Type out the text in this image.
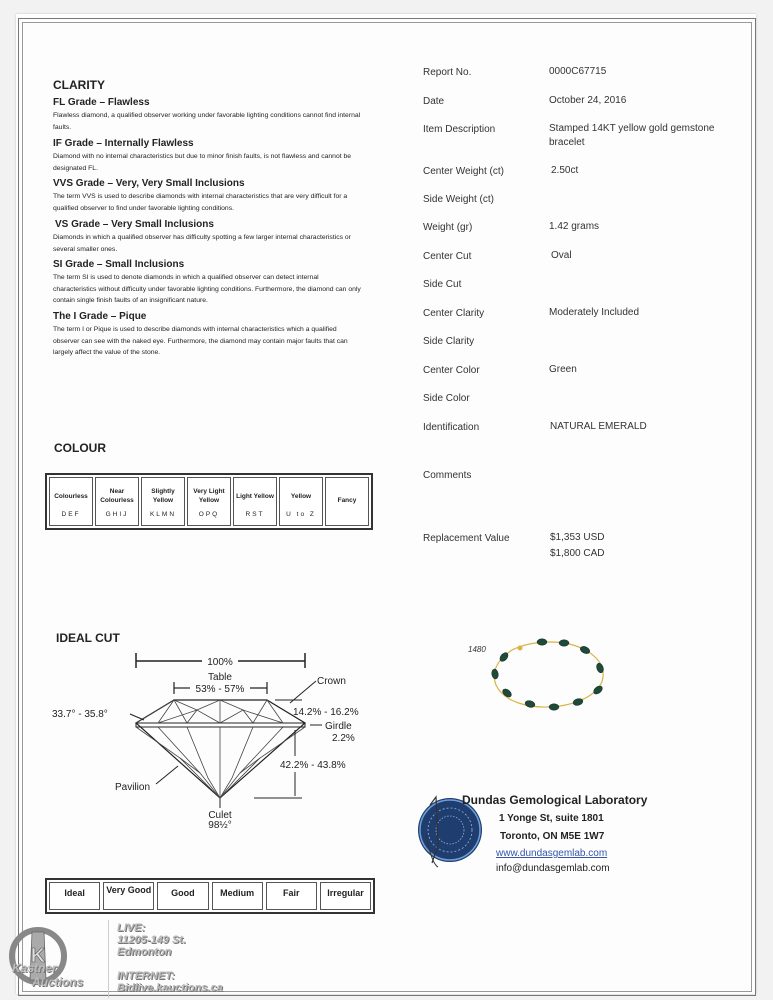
CLARITY
FL Grade – Flawless
Flawless diamond, a qualified observer working under favorable lighting conditions cannot find internal faults.
IF Grade – Internally Flawless
Diamond with no internal characteristics but due to minor finish faults, is not flawless and cannot be designated FL.
VVS Grade – Very, Very Small Inclusions
The term VVS is used to describe diamonds with internal characteristics that are very difficult for a qualified observer to find under favorable lighting conditions.
VS Grade – Very Small Inclusions
Diamonds in which a qualified observer has difficulty spotting a few larger internal characteristics or several smaller ones.
SI Grade – Small Inclusions
The term SI is used to denote diamonds in which a qualified observer can detect internal characteristics without difficulty under favorable lighting conditions. Furthermore, the diamond can only contain single finish faults of an insignificant nature.
The I Grade – Pique
The term I or Pique is used to describe diamonds with internal characteristics which a qualified observer can see with the naked eye. Furthermore, the diamond may contain major faults that can largely affect the value of the stone.
COLOUR
Colourless
DEF
Near Colourless
GHIJ
Slightly Yellow
KLMN
Very Light Yellow
OPQ
Light Yellow
RST
Yellow
U to Z
Fancy
IDEAL CUT
100%
Table
53% - 57%
33.7° - 35.8°
Crown
14.2% - 16.2%
Girdle
2.2%
42.2% - 43.8%
Pavilion
Culet
98½°
Ideal	Very Good	Good	Medium	Fair	Irregular
Report No.	0000C67715
Date	October 24, 2016
Item Description	Stamped 14KT yellow gold gemstone bracelet
Center Weight (ct)	2.50ct
Side Weight (ct)
Weight (gr)	1.42 grams
Center Cut	Oval
Side Cut
Center Clarity	Moderately Included
Side Clarity
Center Color	Green
Side Color
Identification	NATURAL EMERALD
Comments
Replacement Value	$1,353 USD
$1,800 CAD
1480
Dundas Gemological Laboratory
1 Yonge St, suite 1801
Toronto, ON M5E 1W7
www.dundasgemlab.com
info@dundasgemlab.com
K
Kastner
Auctions
LIVE:
11205-149 St.
Edmonton
INTERNET:
Bidlive.kauctions.ca
